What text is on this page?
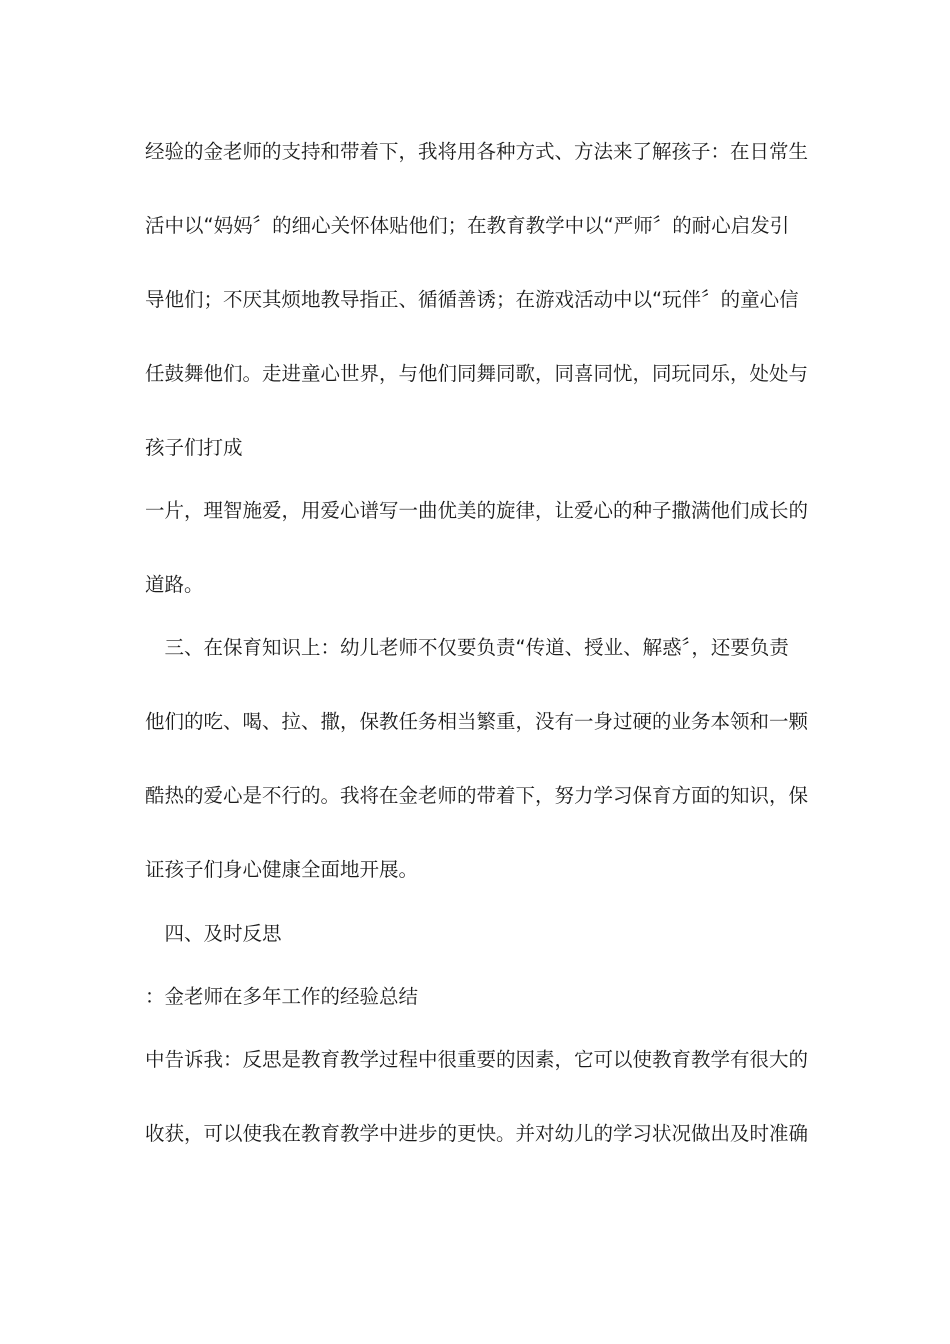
经验的金老师的支持和带着下，我将用各种方式、方法来了解孩子：在日常生
活中以“妈妈〞的细心关怀体贴他们；在教育教学中以“严师〞的耐心启发引
导他们；不厌其烦地教导指正、循循善诱；在游戏活动中以“玩伴〞的童心信
任鼓舞他们。走进童心世界，与他们同舞同歌，同喜同忧，同玩同乐，处处与
孩子们打成
一片，理智施爱，用爱心谱写一曲优美的旋律，让爱心的种子撒满他们成长的
道路。
　三、在保育知识上：幼儿老师不仅要负责“传道、授业、解惑〞，还要负责
他们的吃、喝、拉、撒，保教任务相当繁重，没有一身过硬的业务本领和一颗
酷热的爱心是不行的。我将在金老师的带着下，努力学习保育方面的知识，保
证孩子们身心健康全面地开展。
　四、及时反思
：金老师在多年工作的经验总结
中告诉我：反思是教育教学过程中很重要的因素，它可以使教育教学有很大的
收获，可以使我在教育教学中进步的更快。并对幼儿的学习状况做出及时准确
